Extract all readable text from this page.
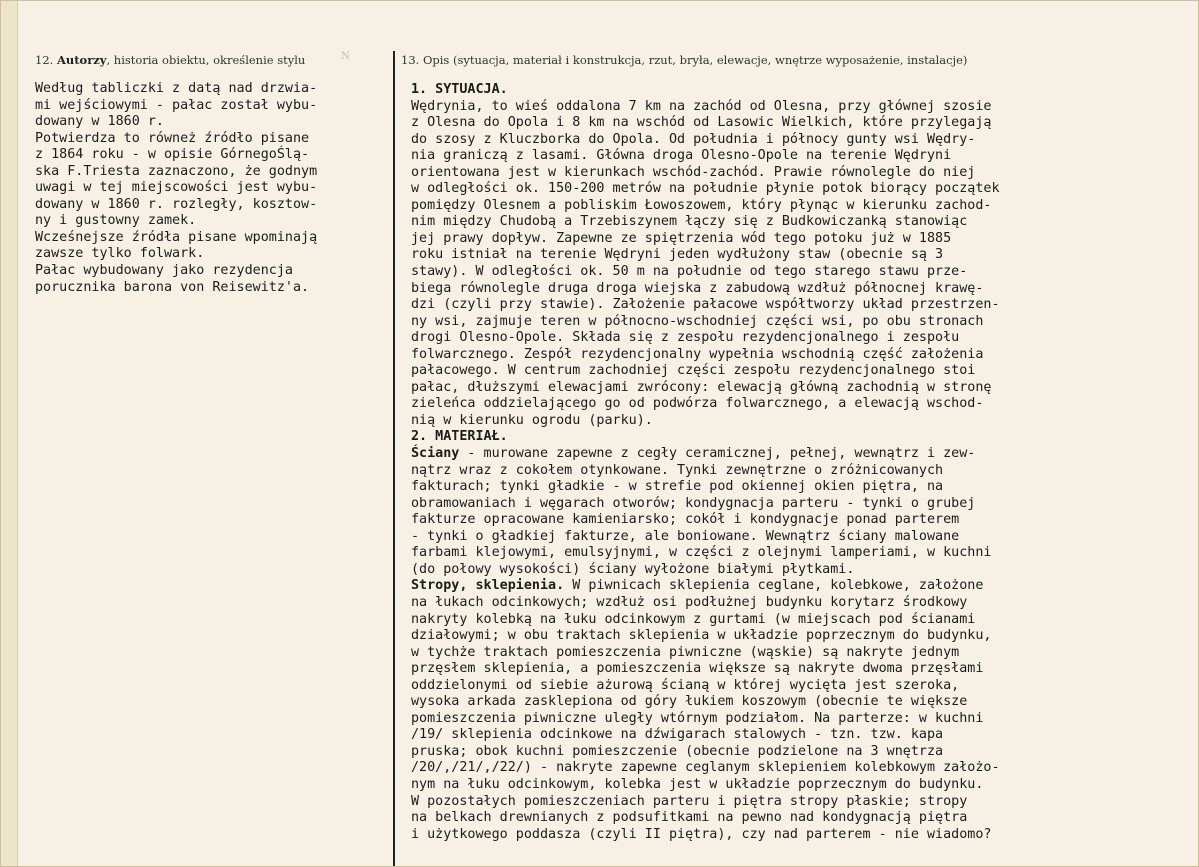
12. Autorzy, historia obiektu, określenie stylu	N	13. Opis (sytuacja, materiał i konstrukcja, rzut, bryła, elewacje, wnętrze wyposażenie, instalacje)
Według tabliczki z datą nad drzwia-
mi wejściowymi - pałac został wybu-
dowany w 1860 r.
Potwierdza to równeż źródło pisane
z 1864 roku - w opisie GórnegoŚlą-
ska F.Triesta zaznaczono, że godnym
uwagi w tej miejscowości jest wybu-
dowany w 1860 r. rozległy, kosztow-
ny i gustowny zamek.
Wcześnejsze źródła pisane wpominają
zawsze tylko folwark.
Pałac wybudowany jako rezydencja
porucznika barona von Reisewitz'a.
1. SYTUACJA.
Wędrynia, to wieś oddalona 7 km na zachód od Olesna, przy głównej szosie
z Olesna do Opola i 8 km na wschód od Lasowic Wielkich, które przylegają
do szosy z Kluczborka do Opola. Od południa i północy gunty wsi Wędry-
nia graniczą z lasami. Główna droga Olesno-Opole na terenie Wędryni
orientowana jest w kierunkach wschód-zachód. Prawie równolegle do niej
w odległości ok. 150-200 metrów na południe płynie potok biorący początek
pomiędzy Olesnem a pobliskim Łowoszowem, który płynąc w kierunku zachod-
nim między Chudobą a Trzebiszynem łączy się z Budkowiczanką stanowiąc
jej prawy dopływ. Zapewne ze spiętrzenia wód tego potoku już w 1885
roku istniał na terenie Wędryni jeden wydłużony staw (obecnie są 3
stawy). W odległości ok. 50 m na południe od tego starego stawu prze-
biega równolegle druga droga wiejska z zabudową wzdłuż północnej krawę-
dzi (czyli przy stawie). Założenie pałacowe współtworzy układ przestrzen-
ny wsi, zajmuje teren w północno-wschodniej części wsi, po obu stronach
drogi Olesno-Opole. Składa się z zespołu rezydencjonalnego i zespołu
folwarcznego. Zespół rezydencjonalny wypełnia wschodnią część założenia
pałacowego. W centrum zachodniej części zespołu rezydencjonalnego stoi
pałac, dłuższymi elewacjami zwrócony: elewacją główną zachodnią w stronę
zieleńca oddzielającego go od podwórza folwarcznego, a elewacją wschod-
nią w kierunku ogrodu (parku).
2. MATERIAŁ.
Ściany - murowane zapewne z cegły ceramicznej, pełnej, wewnątrz i zew-
nątrz wraz z cokołem otynkowane. Tynki zewnętrzne o zróżnicowanych
fakturach; tynki gładkie - w strefie pod okiennej okien piętra, na
obramowaniach i węgarach otworów; kondygnacja parteru - tynki o grubej
fakturze opracowane kamieniarsko; cokół i kondygnacje ponad parterem
- tynki o gładkiej fakturze, ale boniowane. Wewnątrz ściany malowane
farbami klejowymi, emulsyjnymi, w części z olejnymi lamperiami, w kuchni
(do połowy wysokości) ściany wyłożone białymi płytkami.
Stropy, sklepienia. W piwnicach sklepienia ceglane, kolebkowe, założone
na łukach odcinkowych; wzdłuż osi podłużnej budynku korytarz środkowy
nakryty kolebką na łuku odcinkowym z gurtami (w miejscach pod ścianami
działowymi; w obu traktach sklepienia w układzie poprzecznym do budynku,
w tychże traktach pomieszczenia piwniczne (wąskie) są nakryte jednym
przęsłem sklepienia, a pomieszczenia większe są nakryte dwoma przęsłami
oddzielonymi od siebie ażurową ścianą w której wycięta jest szeroka,
wysoka arkada zasklepiona od góry łukiem koszowym (obecnie te większe
pomieszczenia piwniczne uległy wtórnym podziałom. Na parterze: w kuchni
/19/ sklepienia odcinkowe na dźwigarach stalowych - tzn. tzw. kapa
pruska; obok kuchni pomieszczenie (obecnie podzielone na 3 wnętrza
/20/,/21/,/22/) - nakryte zapewne ceglanym sklepieniem kolebkowym założo-
nym na łuku odcinkowym, kolebka jest w układzie poprzecznym do budynku.
W pozostałych pomieszczeniach parteru i piętra stropy płaskie; stropy
na belkach drewnianych z podsufitkami na pewno nad kondygnacją piętra
i użytkowego poddasza (czyli II piętra), czy nad parterem - nie wiadomo?
